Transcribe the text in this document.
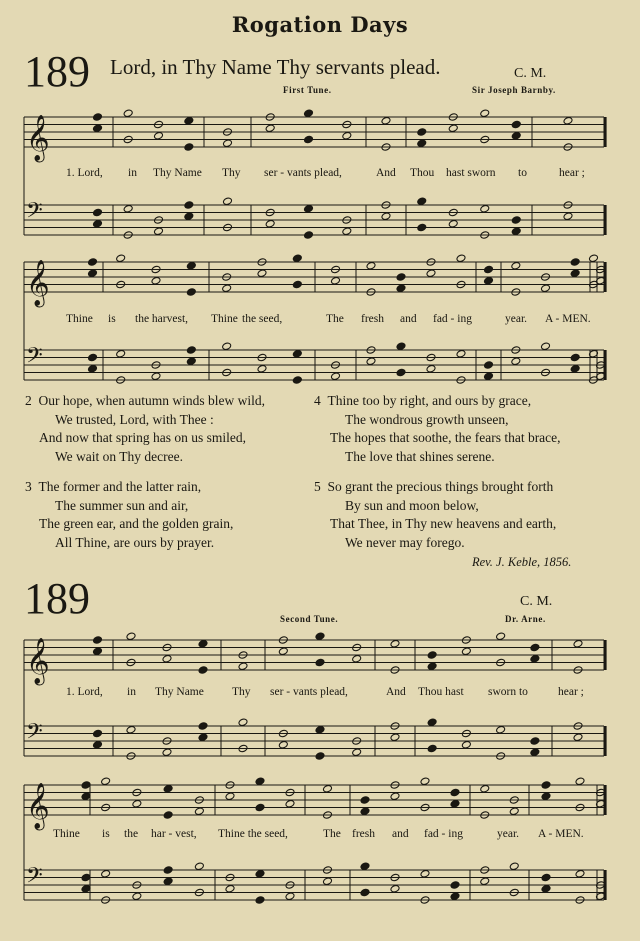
Rogation Days
189 Lord, in Thy Name Thy servants plead.	C. M.
First Tune.	Sir Joseph Barnby.
𝄞
𝄢
𝄞
𝄢
𝄞
𝄢
𝄞
𝄢
1. Lord, in Thy Name Thy ser - vants plead,	And Thou hast sworn to	hear ;
Thine is the harvest, Thine the seed,	The fresh and fad - ing	year. A - MEN.
2 Our hope, when autumn winds blew wild,
We trusted, Lord, with Thee :
And now that spring has on us smiled,
We wait on Thy decree.
3 The former and the latter rain,
The summer sun and air,
The green ear, and the golden grain,
All Thine, are ours by prayer.
4 Thine too by right, and ours by grace,
The wondrous growth unseen,
The hopes that soothe, the fears that brace,
The love that shines serene.
5 So grant the precious things brought forth
By sun and moon below,
That Thee, in Thy new heavens and earth,
We never may forego.
Rev. J. Keble, 1856.
189	C. M.
Second Tune.	Dr. Arne.
1. Lord, in Thy Name Thy ser - vants plead,	And Thou hast sworn to	hear ;
Thine is the har - vest, Thine the seed,	The fresh and fad - ing	year. A - MEN.
